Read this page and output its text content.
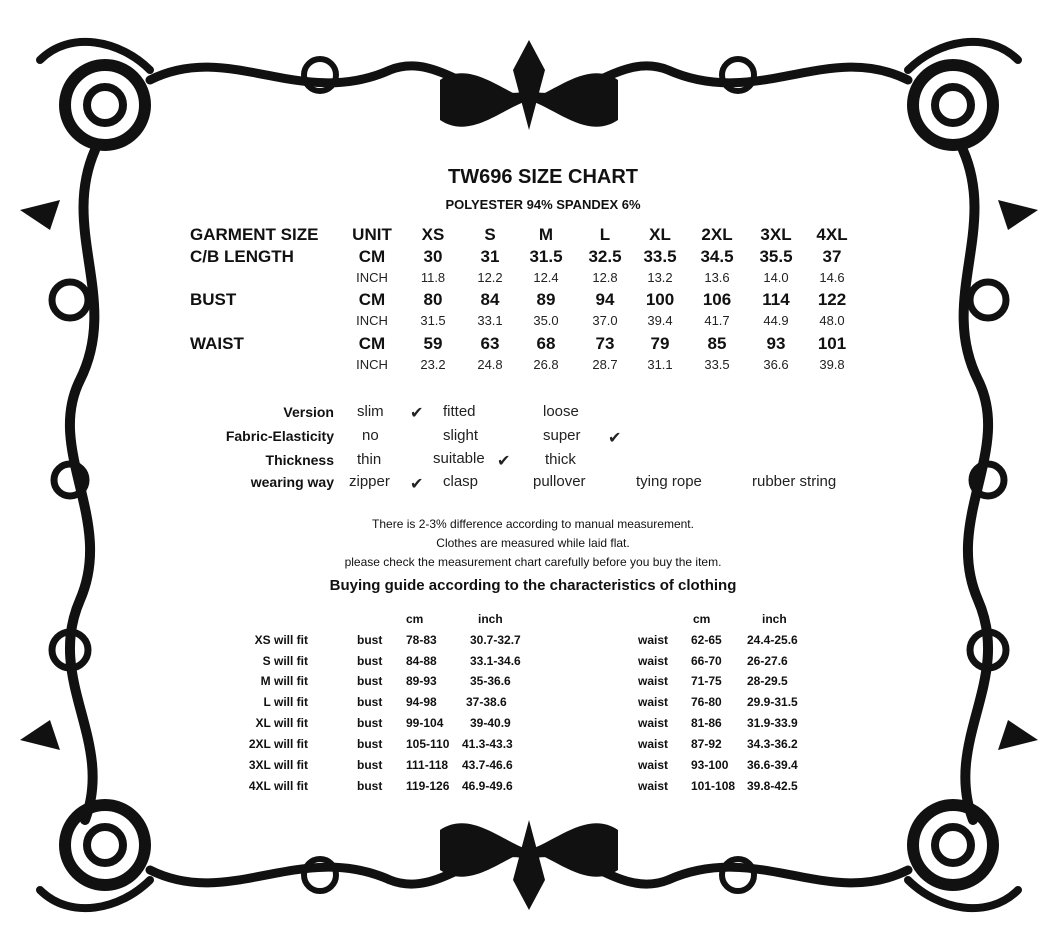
TW696 SIZE CHART
POLYESTER 94% SPANDEX 6%
GARMENT SIZE UNIT XS S	M	L XL 2XL 3XL 4XL
C/B LENGTH	CM 30 31 31.5 32.5 33.5 34.5 35.5 37
INCH	11.8 12.2 12.4	12.8 13.2 13.6	14.0 14.6
BUST	CM 80 84 89 94 100 106 114 122
INCH 31.5 33.1 35.0	37.0 39.4 41.7	44.9 48.0
WAIST	CM 59 63 68 73 79 85 93 101
INCH 23.2 24.8 26.8	28.7 31.1 33.5	36.6 39.8
Version slim ✔ fitted	loose
Fabric-Elasticity no	slight	super ✔
Thickness thin	suitable ✔ thick
wearing way zipper ✔ clasp	pullover	tying rope	rubber string
There is 2-3% difference according to manual measurement.
Clothes are measured while laid flat.
please check the measurement chart carefully before you buy the item.
Buying guide according to the characteristics of clothing
cm	inch	cm	inch
XS will fit	bust 78-83	30.7-32.7	waist 62-65 24.4-25.6
S will fit	bust 84-88	33.1-34.6	waist 66-70 26-27.6
M will fit	bust 89-93	35-36.6	waist 71-75 28-29.5
L will fit	bust 94-98 37-38.6	waist 76-80 29.9-31.5
XL will fit	bust 99-104 39-40.9	waist 81-86 31.9-33.9
2XL will fit	bust 105-110 41.3-43.3	waist 87-92 34.3-36.2
3XL will fit	bust 111-118 43.7-46.6	waist 93-100 36.6-39.4
4XL will fit	bust 119-126 46.9-49.6	waist 101-108 39.8-42.5
